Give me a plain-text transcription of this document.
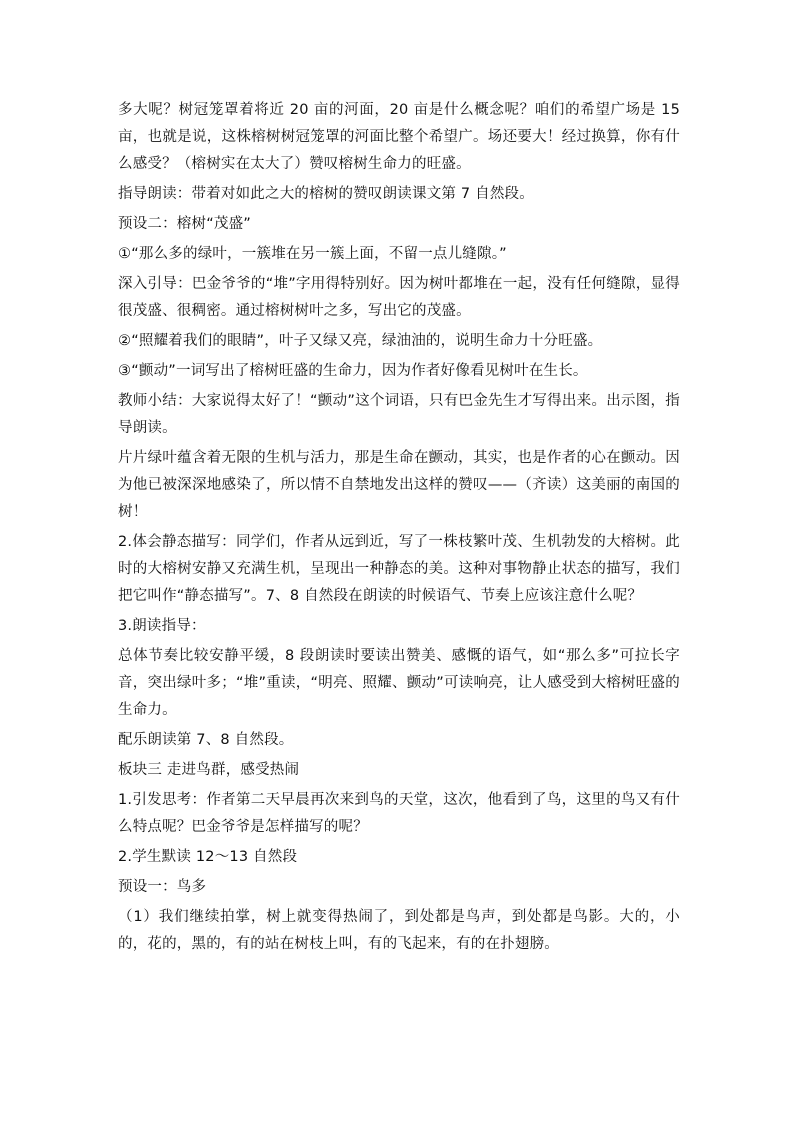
多大呢？树冠笼罩着将近 20 亩的河面，20 亩是什么概念呢？咱们的希望广场是 15 亩，也就是说，这株榕树树冠笼罩的河面比整个希望广。场还要大！经过换算，你有什么感受？（榕树实在太大了）赞叹榕树生命力的旺盛。

指导朗读：带着对如此之大的榕树的赞叹朗读课文第 7 自然段。

预设二：榕树“茂盛”

①“那么多的绿叶，一簇堆在另一簇上面，不留一点儿缝隙。”

深入引导：巴金爷爷的“堆”字用得特别好。因为树叶都堆在一起，没有任何缝隙，显得很茂盛、很稠密。通过榕树树叶之多，写出它的茂盛。

②“照耀着我们的眼睛”，叶子又绿又亮，绿油油的，说明生命力十分旺盛。

③“颤动”一词写出了榕树旺盛的生命力，因为作者好像看见树叶在生长。

教师小结：大家说得太好了！“颤动”这个词语，只有巴金先生才写得出来。出示图，指导朗读。

片片绿叶蕴含着无限的生机与活力，那是生命在颤动，其实，也是作者的心在颤动。因为他已被深深地感染了，所以情不自禁地发出这样的赞叹——（齐读）这美丽的南国的树！

2.体会静态描写：同学们，作者从远到近，写了一株枝繁叶茂、生机勃发的大榕树。此时的大榕树安静又充满生机，呈现出一种静态的美。这种对事物静止状态的描写，我们把它叫作“静态描写”。7、8 自然段在朗读的时候语气、节奏上应该注意什么呢？

3.朗读指导：

总体节奏比较安静平缓，8 段朗读时要读出赞美、感慨的语气，如“那么多”可拉长字音，突出绿叶多；“堆”重读，“明亮、照耀、颤动”可读响亮，让人感受到大榕树旺盛的生命力。

配乐朗读第 7、8 自然段。

板块三 走进鸟群，感受热闹

1.引发思考：作者第二天早晨再次来到鸟的天堂，这次，他看到了鸟，这里的鸟又有什么特点呢？巴金爷爷是怎样描写的呢？

2.学生默读 12～13 自然段

预设一：鸟多

（1）我们继续拍掌，树上就变得热闹了，到处都是鸟声，到处都是鸟影。大的，小的，花的，黑的，有的站在树枝上叫，有的飞起来，有的在扑翅膀。
